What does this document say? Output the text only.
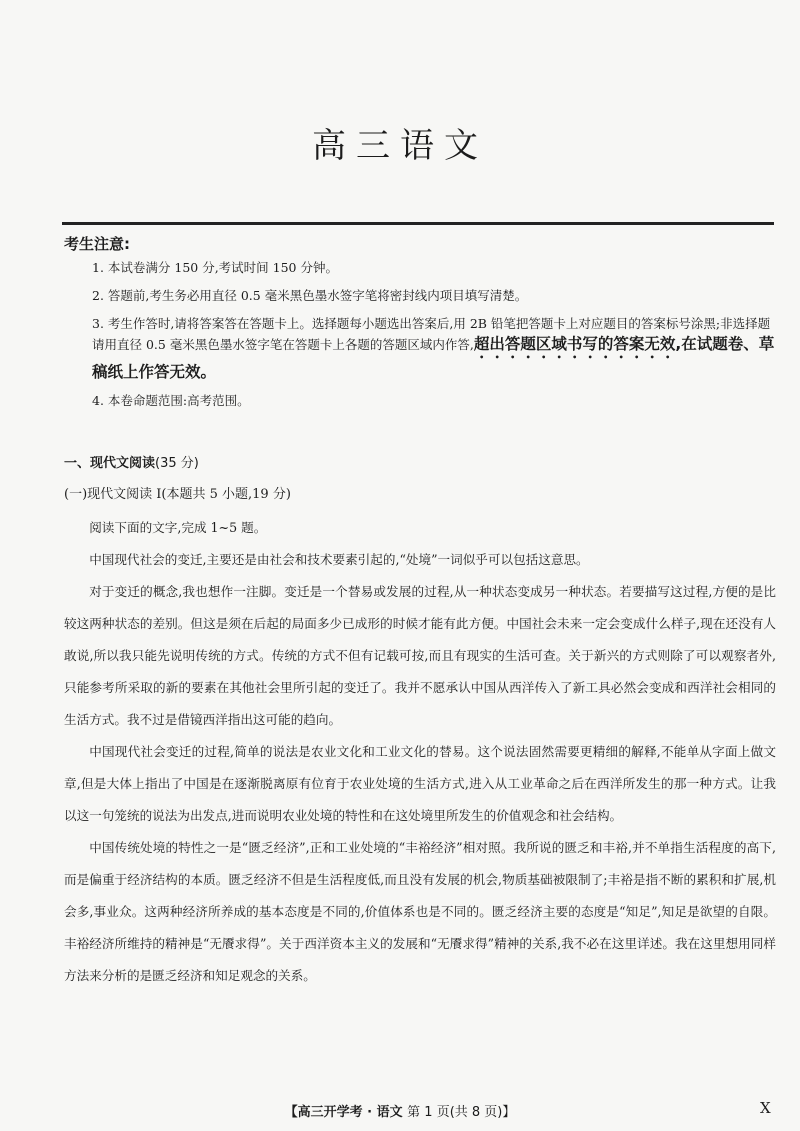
高三语文
考生注意:
1. 本试卷满分 150 分,考试时间 150 分钟。
2. 答题前,考生务必用直径 0.5 毫米黑色墨水签字笔将密封线内项目填写清楚。
3. 考生作答时,请将答案答在答题卡上。选择题每小题选出答案后,用 2B 铅笔把答题卡上对应题目的答案标号涂黑;非选择题请用直径 0.5 毫米黑色墨水签字笔在答题卡上各题的答题区域内作答,超出答题区域书写的答案无效,在试题卷、草稿纸上作答无效。
4. 本卷命题范围:高考范围。
一、现代文阅读(35 分)
(一)现代文阅读 I(本题共 5 小题,19 分)

阅读下面的文字,完成 1~5 题。

中国现代社会的变迁,主要还是由社会和技术要素引起的,“处境”一词似乎可以包括这意思。

对于变迁的概念,我也想作一注脚。变迁是一个替易或发展的过程,从一种状态变成另一种状态。若要描写这过程,方便的是比较这两种状态的差别。但这是须在后起的局面多少已成形的时候才能有此方便。中国社会未来一定会变成什么样子,现在还没有人敢说,所以我只能先说明传统的方式。传统的方式不但有记载可按,而且有现实的生活可查。关于新兴的方式则除了可以观察者外,只能参考所采取的新的要素在其他社会里所引起的变迁了。我并不愿承认中国从西洋传入了新工具必然会变成和西洋社会相同的生活方式。我不过是借镜西洋指出这可能的趋向。

中国现代社会变迁的过程,简单的说法是农业文化和工业文化的替易。这个说法固然需要更精细的解释,不能单从字面上做文章,但是大体上指出了中国是在逐渐脱离原有位育于农业处境的生活方式,进入从工业革命之后在西洋所发生的那一种方式。让我以这一句笼统的说法为出发点,进而说明农业处境的特性和在这处境里所发生的价值观念和社会结构。

中国传统处境的特性之一是“匮乏经济”,正和工业处境的“丰裕经济”相对照。我所说的匮乏和丰裕,并不单指生活程度的高下,而是偏重于经济结构的本质。匮乏经济不但是生活程度低,而且没有发展的机会,物质基础被限制了;丰裕是指不断的累积和扩展,机会多,事业众。这两种经济所养成的基本态度是不同的,价值体系也是不同的。匮乏经济主要的态度是“知足”,知足是欲望的自限。丰裕经济所维持的精神是“无餍求得”。关于西洋资本主义的发展和“无餍求得”精神的关系,我不必在这里详述。我在这里想用同样方法来分析的是匮乏经济和知足观念的关系。

【高三开学考 · 语文 第 1 页(共 8 页)】	X
